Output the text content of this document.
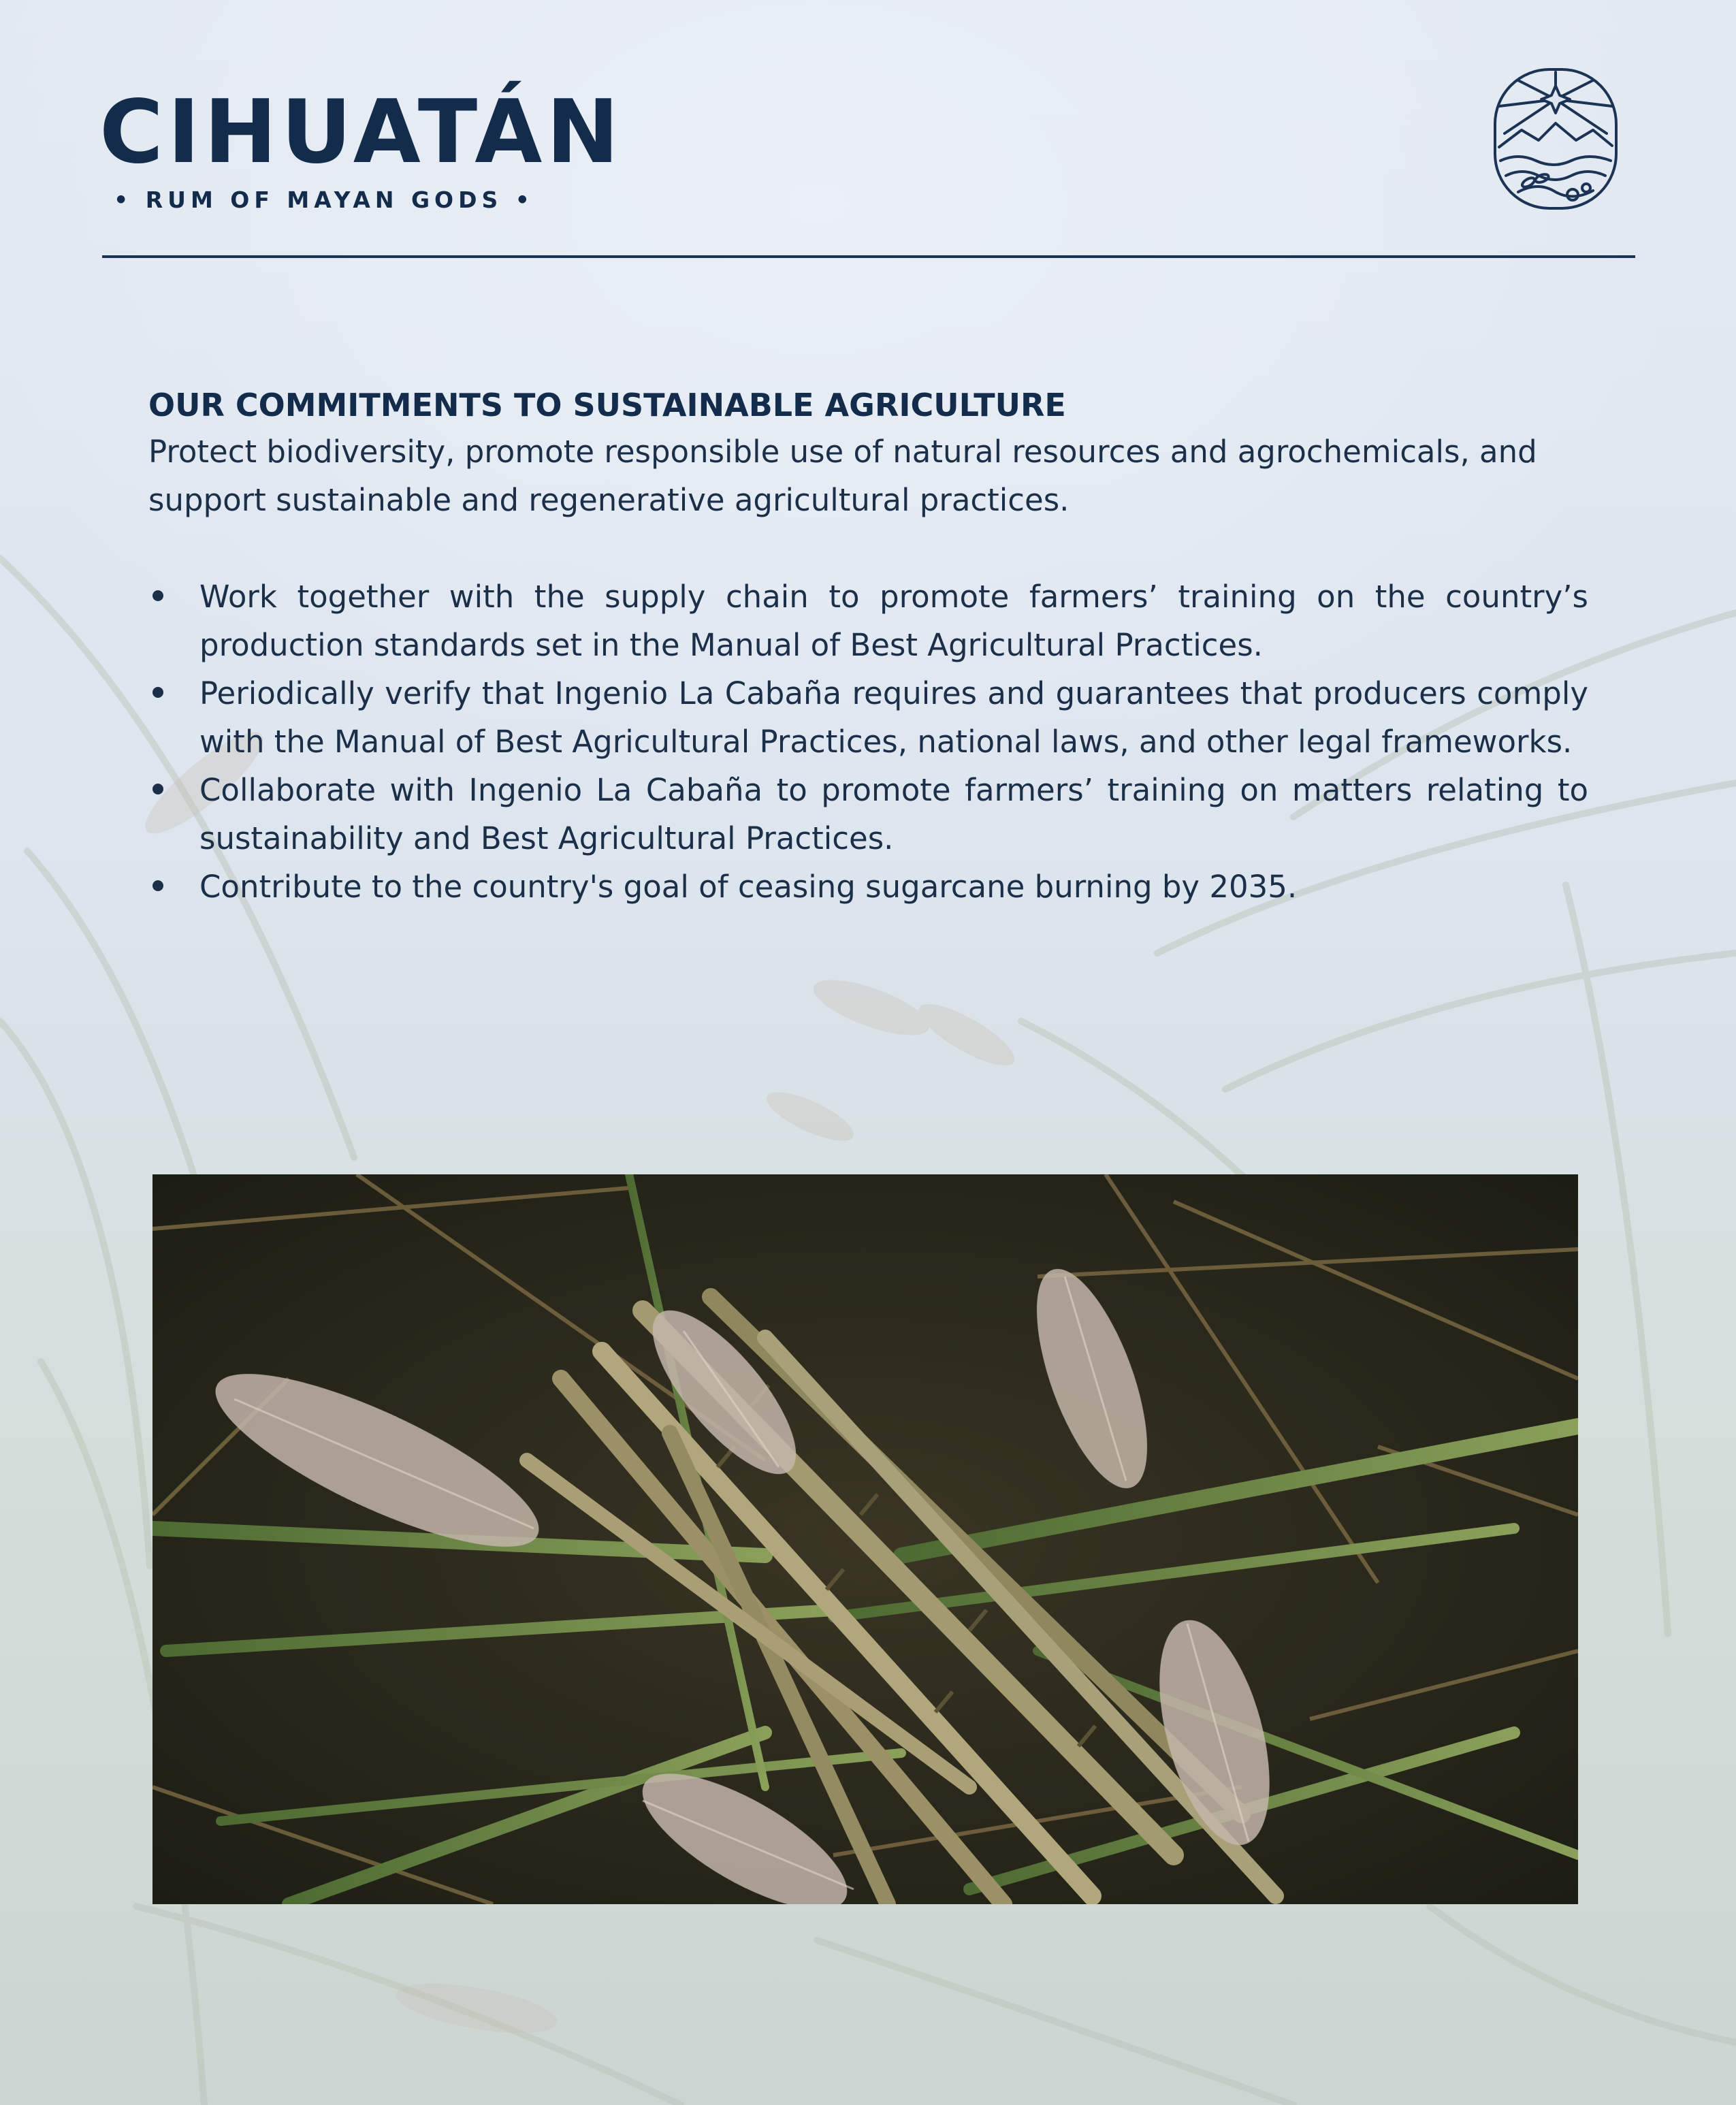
CIHUATÁN
• RUM OF MAYAN GODS •
OUR COMMITMENTS TO SUSTAINABLE AGRICULTURE

Protect biodiversity, promote responsible use of natural resources and agrochemicals, and support sustainable and regenerative agricultural practices.

Work together with the supply chain to promote farmers’ training on the country’s production standards set in the Manual of Best Agricultural Practices.
Periodically verify that Ingenio La Cabaña requires and guarantees that producers comply with the Manual of Best Agricultural Practices, national laws, and other legal frameworks.
Collaborate with Ingenio La Cabaña to promote farmers’ training on matters relating to sustainability and Best Agricultural Practices.
Contribute to the country's goal of ceasing sugarcane burning by 2035.
